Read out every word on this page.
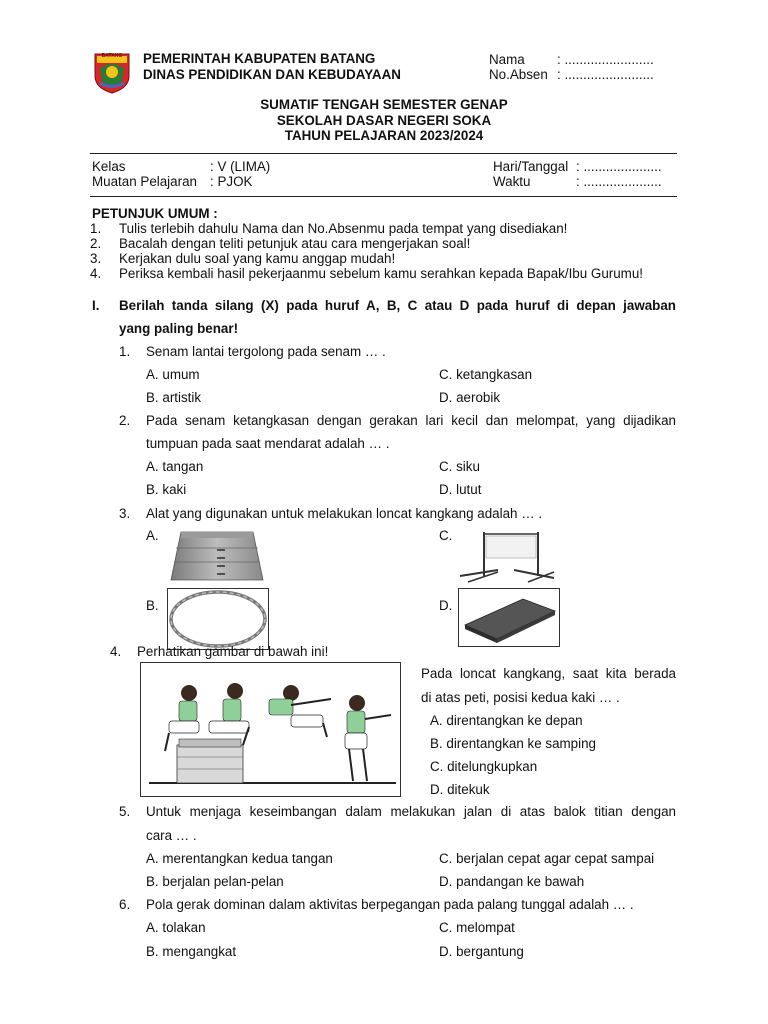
BATANG PEMERINTAH KABUPATEN BATANG
DINAS PENDIDIKAN DAN KEBUDAYAAN
Nama : ........................
No.Absen : ........................
SUMATIF TENGAH SEMESTER GENAP
SEKOLAH DASAR NEGERI SOKA
TAHUN PELAJARAN 2023/2024
Kelas	: V (LIMA)
Muatan Pelajaran : PJOK
Hari/Tanggal : .....................
Waktu	: .....................
PETUNJUK UMUM :
1. Tulis terlebih dahulu Nama dan No.Absenmu pada tempat yang disediakan!
2. Bacalah dengan teliti petunjuk atau cara mengerjakan soal!
3. Kerjakan dulu soal yang kamu anggap mudah!
4. Periksa kembali hasil pekerjaanmu sebelum kamu serahkan kepada Bapak/Ibu Gurumu!
I. Berilah tanda silang (X) pada huruf A, B, C atau D pada huruf di depan jawaban
yang paling benar!
1. Senam lantai tergolong pada senam … .
A. umum	C. ketangkasan
B. artistik	D. aerobik
2. Pada senam ketangkasan dengan gerakan lari kecil dan melompat, yang dijadikan
tumpuan pada saat mendarat adalah … .
A. tangan	C. siku
B. kaki	D. lutut
3. Alat yang digunakan untuk melakukan loncat kangkang adalah … .
A.	C.
B.	D.
4. Perhatikan gambar di bawah ini!
Pada loncat kangkang, saat kita berada
di atas peti, posisi kedua kaki … .
A. direntangkan ke depan
B. direntangkan ke samping
C. ditelungkupkan
D. ditekuk
5. Untuk menjaga keseimbangan dalam melakukan jalan di atas balok titian dengan
cara … .
A. merentangkan kedua tangan	C. berjalan cepat agar cepat sampai
B. berjalan pelan-pelan	D. pandangan ke bawah
6. Pola gerak dominan dalam aktivitas berpegangan pada palang tunggal adalah … .
A. tolakan	C. melompat
B. mengangkat	D. bergantung
